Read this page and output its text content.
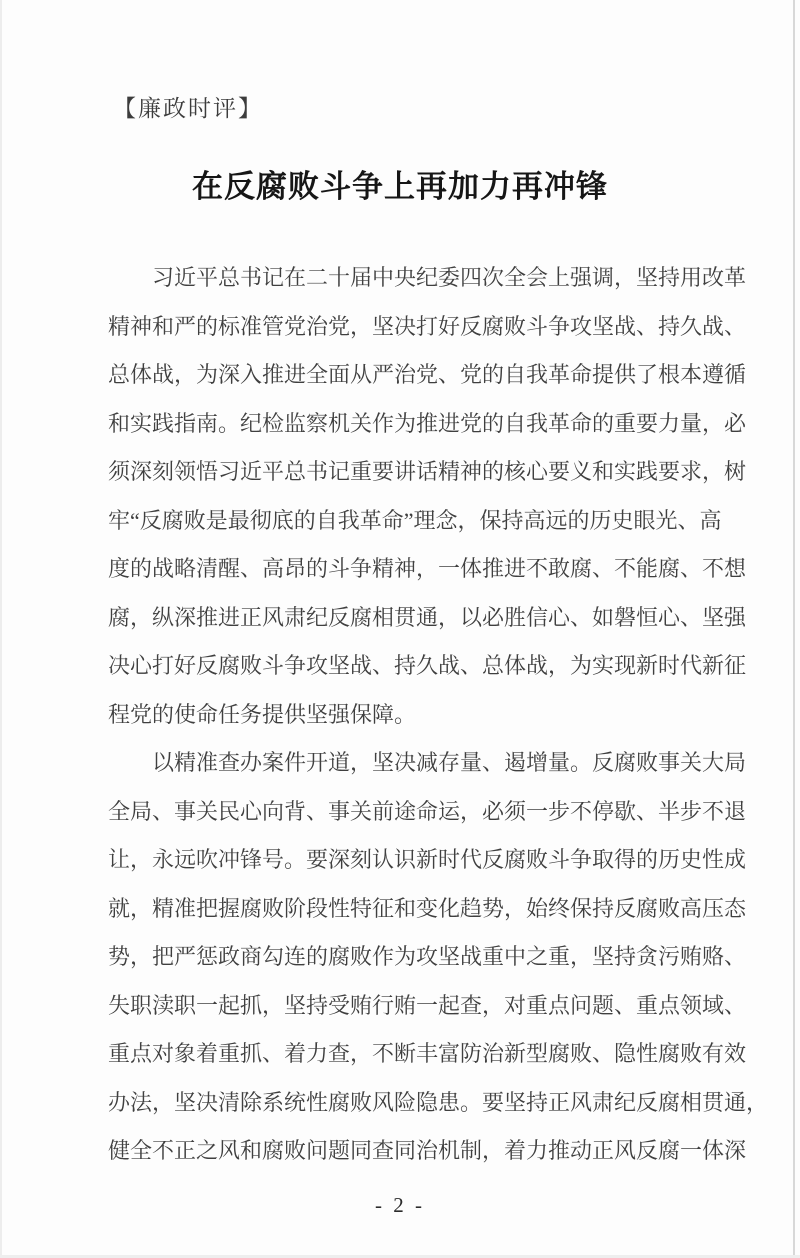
【廉政时评】
在反腐败斗争上再加力再冲锋
习近平总书记在二十届中央纪委四次全会上强调，坚持用改革
精神和严的标准管党治党，坚决打好反腐败斗争攻坚战、持久战、
总体战，为深入推进全面从严治党、党的自我革命提供了根本遵循
和实践指南。纪检监察机关作为推进党的自我革命的重要力量，必
须深刻领悟习近平总书记重要讲话精神的核心要义和实践要求，树
牢“反腐败是最彻底的自我革命”理念，保持高远的历史眼光、高
度的战略清醒、高昂的斗争精神，一体推进不敢腐、不能腐、不想
腐，纵深推进正风肃纪反腐相贯通，以必胜信心、如磐恒心、坚强
决心打好反腐败斗争攻坚战、持久战、总体战，为实现新时代新征
程党的使命任务提供坚强保障。
以精准查办案件开道，坚决减存量、遏增量。反腐败事关大局
全局、事关民心向背、事关前途命运，必须一步不停歇、半步不退
让，永远吹冲锋号。要深刻认识新时代反腐败斗争取得的历史性成
就，精准把握腐败阶段性特征和变化趋势，始终保持反腐败高压态
势，把严惩政商勾连的腐败作为攻坚战重中之重，坚持贪污贿赂、
失职渎职一起抓，坚持受贿行贿一起查，对重点问题、重点领域、
重点对象着重抓、着力查，不断丰富防治新型腐败、隐性腐败有效
办法，坚决清除系统性腐败风险隐患。要坚持正风肃纪反腐相贯通，
健全不正之风和腐败问题同查同治机制，着力推动正风反腐一体深
- 2 -
